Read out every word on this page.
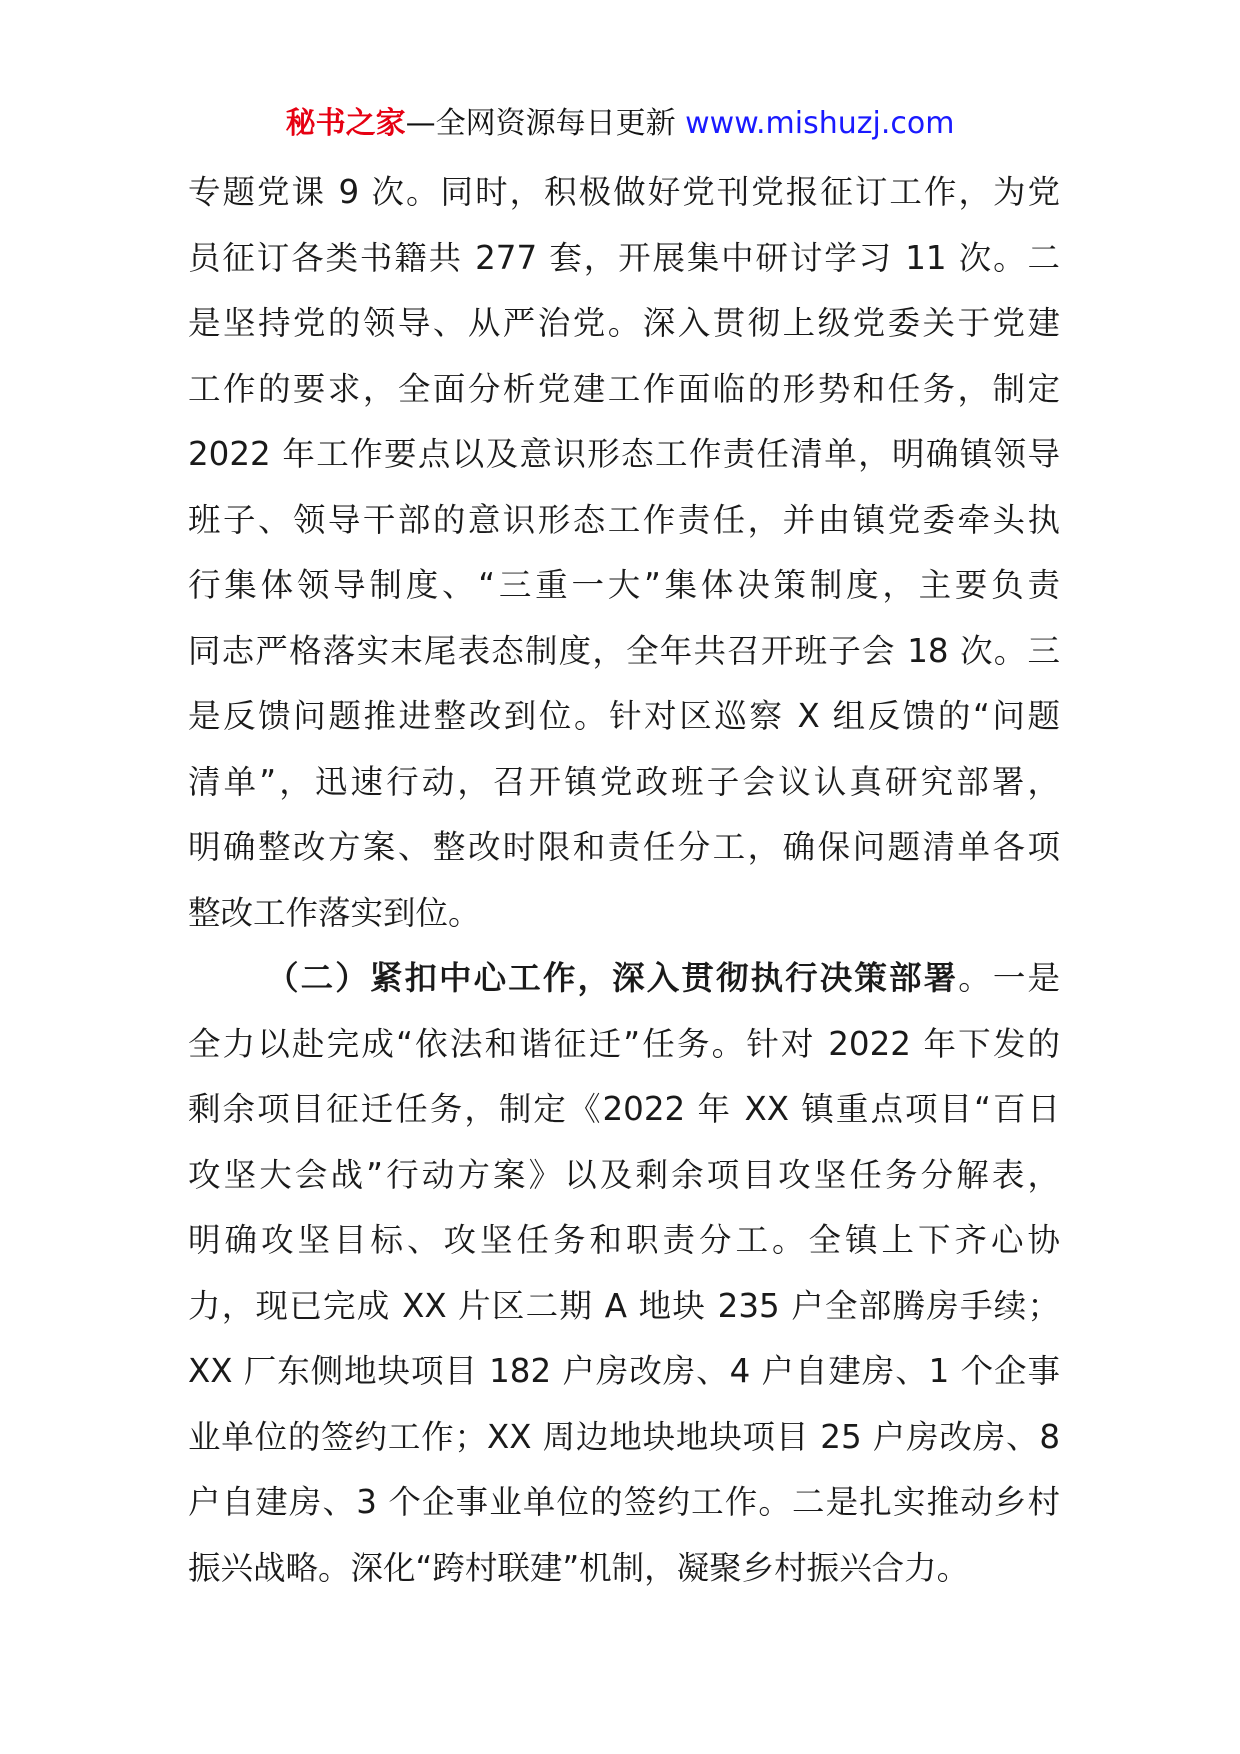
秘书之家—全网资源每日更新 www.mishuzj.com
专题党课 9 次。同时，积极做好党刊党报征订工作，为党
员征订各类书籍共 277 套，开展集中研讨学习 11 次。二
是坚持党的领导、从严治党。深入贯彻上级党委关于党建
工作的要求，全面分析党建工作面临的形势和任务，制定
2022 年工作要点以及意识形态工作责任清单，明确镇领导
班子、领导干部的意识形态工作责任，并由镇党委牵头执
行集体领导制度、“三重一大”集体决策制度，主要负责
同志严格落实末尾表态制度，全年共召开班子会 18 次。三
是反馈问题推进整改到位。针对区巡察 X 组反馈的“问题
清单”，迅速行动，召开镇党政班子会议认真研究部署，
明确整改方案、整改时限和责任分工，确保问题清单各项
整改工作落实到位。
（二）紧扣中心工作，深入贯彻执行决策部署。一是
全力以赴完成“依法和谐征迁”任务。针对 2022 年下发的
剩余项目征迁任务，制定《2022 年 XX 镇重点项目“百日
攻坚大会战”行动方案》以及剩余项目攻坚任务分解表，
明确攻坚目标、攻坚任务和职责分工。全镇上下齐心协
力，现已完成 XX 片区二期 A 地块 235 户全部腾房手续；
XX 厂东侧地块项目 182 户房改房、4 户自建房、1 个企事
业单位的签约工作；XX 周边地块地块项目 25 户房改房、8
户自建房、3 个企事业单位的签约工作。二是扎实推动乡村
振兴战略。深化“跨村联建”机制，凝聚乡村振兴合力。
